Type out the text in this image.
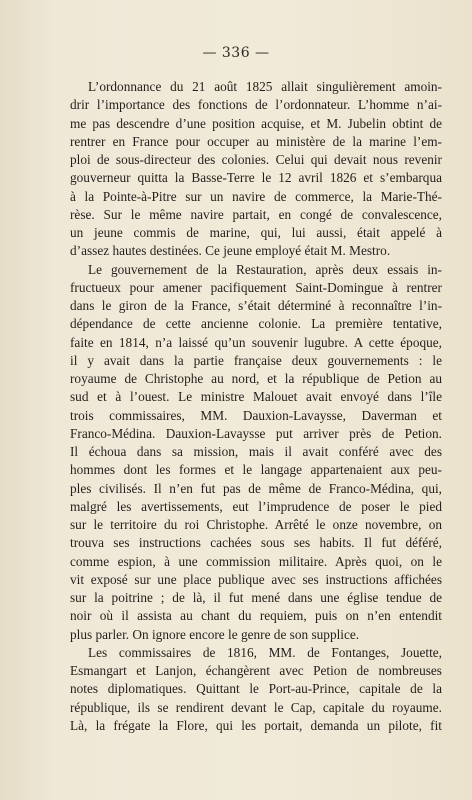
— 336 —
L’ordonnance du 21 août 1825 allait singulièrement amoin-
drir l’importance des fonctions de l’ordonnateur. L’homme n’ai-
me pas descendre d’une position acquise, et M. Jubelin obtint de
rentrer en France pour occuper au ministère de la marine l’em-
ploi de sous-directeur des colonies. Celui qui devait nous revenir
gouverneur quitta la Basse-Terre le 12 avril 1826 et s’embarqua
à la Pointe-à-Pitre sur un navire de commerce, la Marie-Thé-
rèse. Sur le même navire partait, en congé de convalescence,
un jeune commis de marine, qui, lui aussi, était appelé à
d’assez hautes destinées. Ce jeune employé était M. Mestro.
Le gouvernement de la Restauration, après deux essais in-
fructueux pour amener pacifiquement Saint-Domingue à rentrer
dans le giron de la France, s’était déterminé à reconnaître l’in-
dépendance de cette ancienne colonie. La première tentative,
faite en 1814, n’a laissé qu’un souvenir lugubre. A cette époque,
il y avait dans la partie française deux gouvernements : le
royaume de Christophe au nord, et la république de Petion au
sud et à l’ouest. Le ministre Malouet avait envoyé dans l’île
trois commissaires, MM. Dauxion-Lavaysse, Daverman et
Franco-Médina. Dauxion-Lavaysse put arriver près de Petion.
Il échoua dans sa mission, mais il avait conféré avec des
hommes dont les formes et le langage appartenaient aux peu-
ples civilisés. Il n’en fut pas de même de Franco-Médina, qui,
malgré les avertissements, eut l’imprudence de poser le pied
sur le territoire du roi Christophe. Arrêté le onze novembre, on
trouva ses instructions cachées sous ses habits. Il fut déféré,
comme espion, à une commission militaire. Après quoi, on le
vit exposé sur une place publique avec ses instructions affichées
sur la poitrine ; de là, il fut mené dans une église tendue de
noir où il assista au chant du requiem, puis on n’en entendit
plus parler. On ignore encore le genre de son supplice.
Les commissaires de 1816, MM. de Fontanges, Jouette,
Esmangart et Lanjon, échangèrent avec Petion de nombreuses
notes diplomatiques. Quittant le Port-au-Prince, capitale de la
république, ils se rendirent devant le Cap, capitale du royaume.
Là, la frégate la Flore, qui les portait, demanda un pilote, fit
